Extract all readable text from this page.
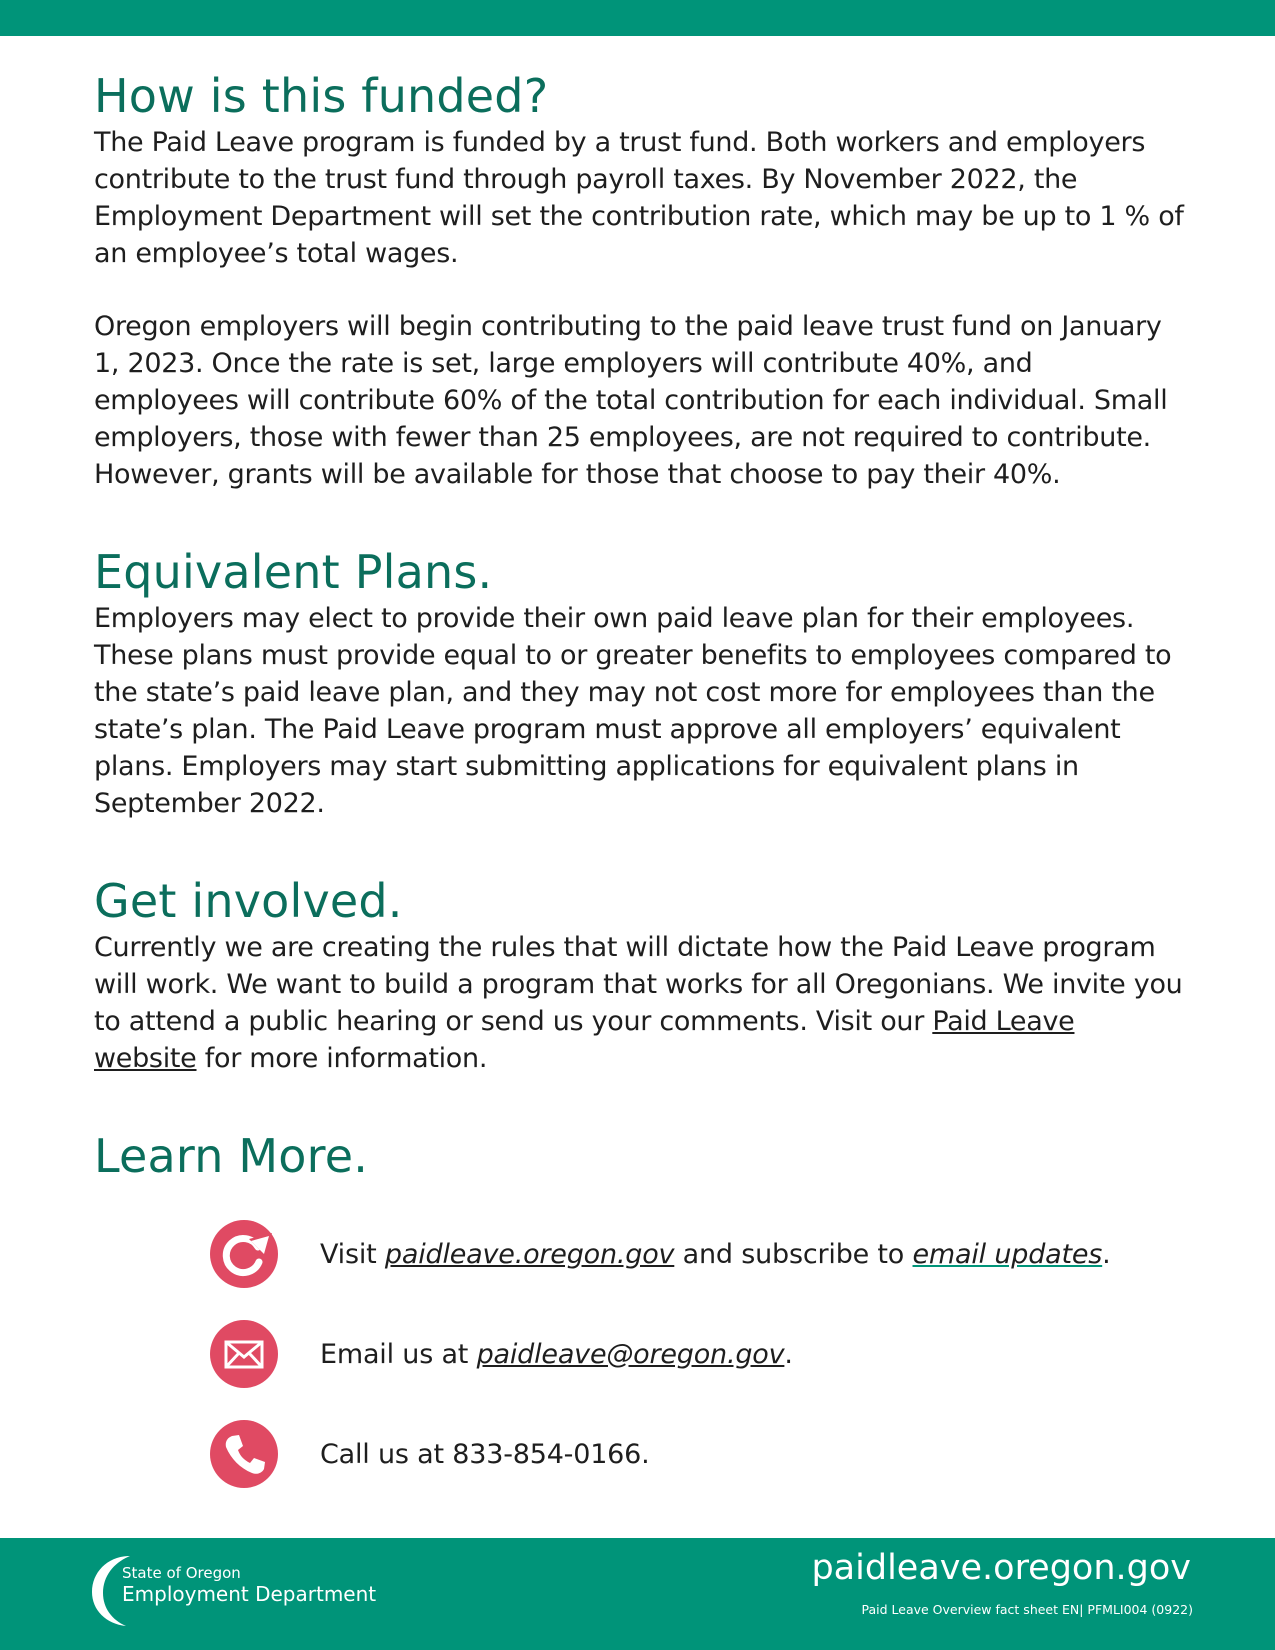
How is this funded?

The Paid Leave program is funded by a trust fund. Both workers and employers contribute to the trust fund through payroll taxes. By November 2022, the Employment Department will set the contribution rate, which may be up to 1 % of an employee’s total wages.

Oregon employers will begin contributing to the paid leave trust fund on January 1, 2023. Once the rate is set, large employers will contribute 40%, and employees will contribute 60% of the total contribution for each individual. Small employers, those with fewer than 25 employees, are not required to contribute. However, grants will be available for those that choose to pay their 40%.

Equivalent Plans.

Employers may elect to provide their own paid leave plan for their employees. These plans must provide equal to or greater benefits to employees compared to the state’s paid leave plan, and they may not cost more for employees than the state’s plan. The Paid Leave program must approve all employers’ equivalent plans. Employers may start submitting applications for equivalent plans in September 2022.

Get involved.

Currently we are creating the rules that will dictate how the Paid Leave program will work. We want to build a program that works for all Oregonians. We invite you to attend a public hearing or send us your comments. Visit our Paid Leave website for more information.

Learn More.
Visit paidleave.oregon.gov and subscribe to email updates.
Email us at paidleave@oregon.gov.
Call us at 833-854-0166.
State of Oregon
Employment Department
paidleave.oregon.gov
Paid Leave Overview fact sheet EN| PFMLI004 (0922)
